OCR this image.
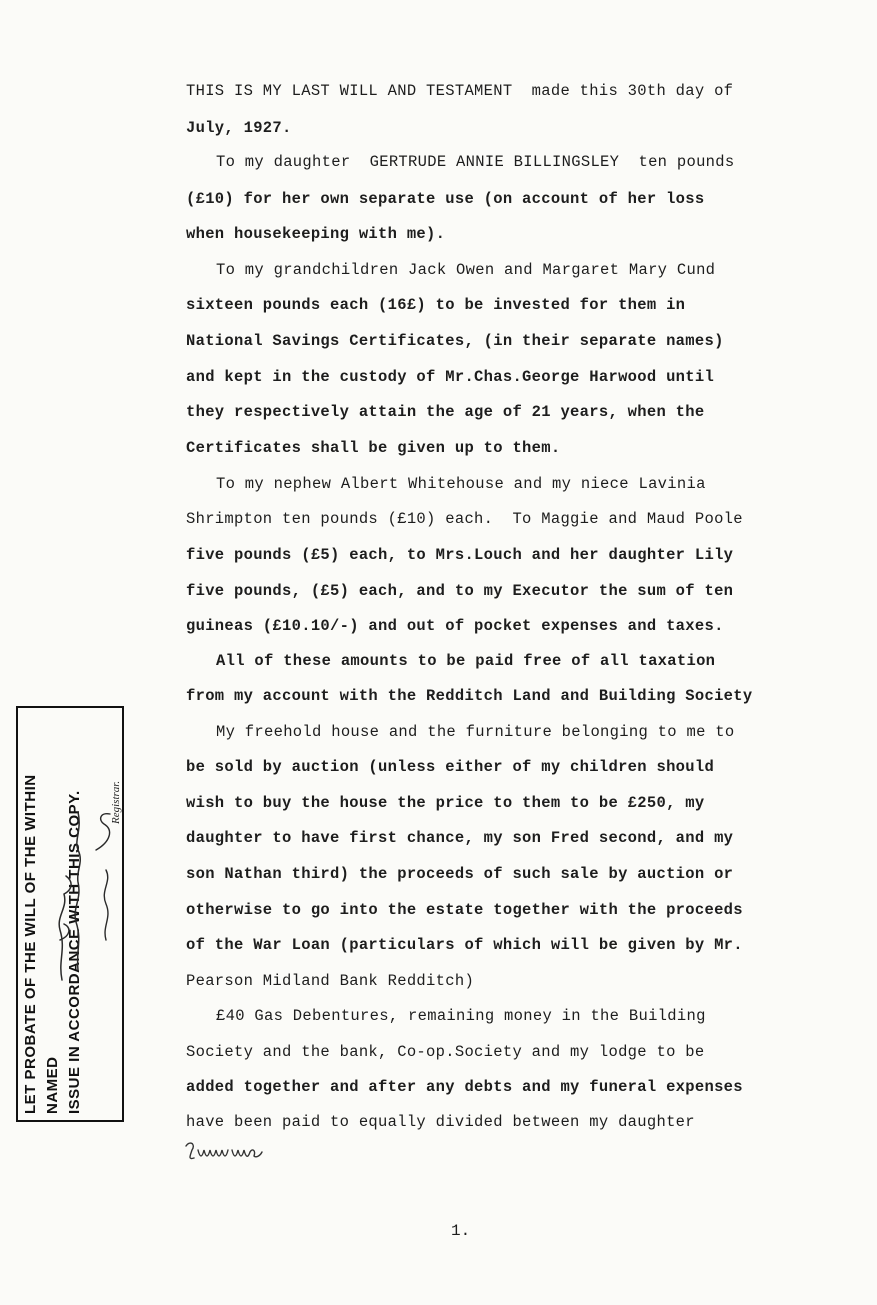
THIS IS MY LAST WILL AND TESTAMENT  made this 30th day of
July, 1927.
To my daughter  GERTRUDE ANNIE BILLINGSLEY  ten pounds
(£10) for her own separate use (on account of her loss
when housekeeping with me).
To my grandchildren Jack Owen and Margaret Mary Cund
sixteen pounds each (16£) to be invested for them in
National Savings Certificates, (in their separate names)
and kept in the custody of Mr.Chas.George Harwood until
they respectively attain the age of 21 years, when the
Certificates shall be given up to them.
To my nephew Albert Whitehouse and my niece Lavinia
Shrimpton ten pounds (£10) each.  To Maggie and Maud Poole
five pounds (£5) each, to Mrs.Louch and her daughter Lily
five pounds, (£5) each, and to my Executor the sum of ten
guineas (£10.10/-) and out of pocket expenses and taxes.
All of these amounts to be paid free of all taxation
from my account with the Redditch Land and Building Society
My freehold house and the furniture belonging to me to
be sold by auction (unless either of my children should
wish to buy the house the price to them to be £250, my
daughter to have first chance, my son Fred second, and my
son Nathan third) the proceeds of such sale by auction or
otherwise to go into the estate together with the proceeds
of the War Loan (particulars of which will be given by Mr.
Pearson Midland Bank Redditch)
£40 Gas Debentures, remaining money in the Building
Society and the bank, Co-op.Society and my lodge to be
added together and after any debts and my funeral expenses
have been paid to equally divided between my daughter
LET PROBATE OF THE WILL OF THE WITHIN NAMED ISSUE IN ACCORDANCE WITH THIS COPY. Registrar.
1.
